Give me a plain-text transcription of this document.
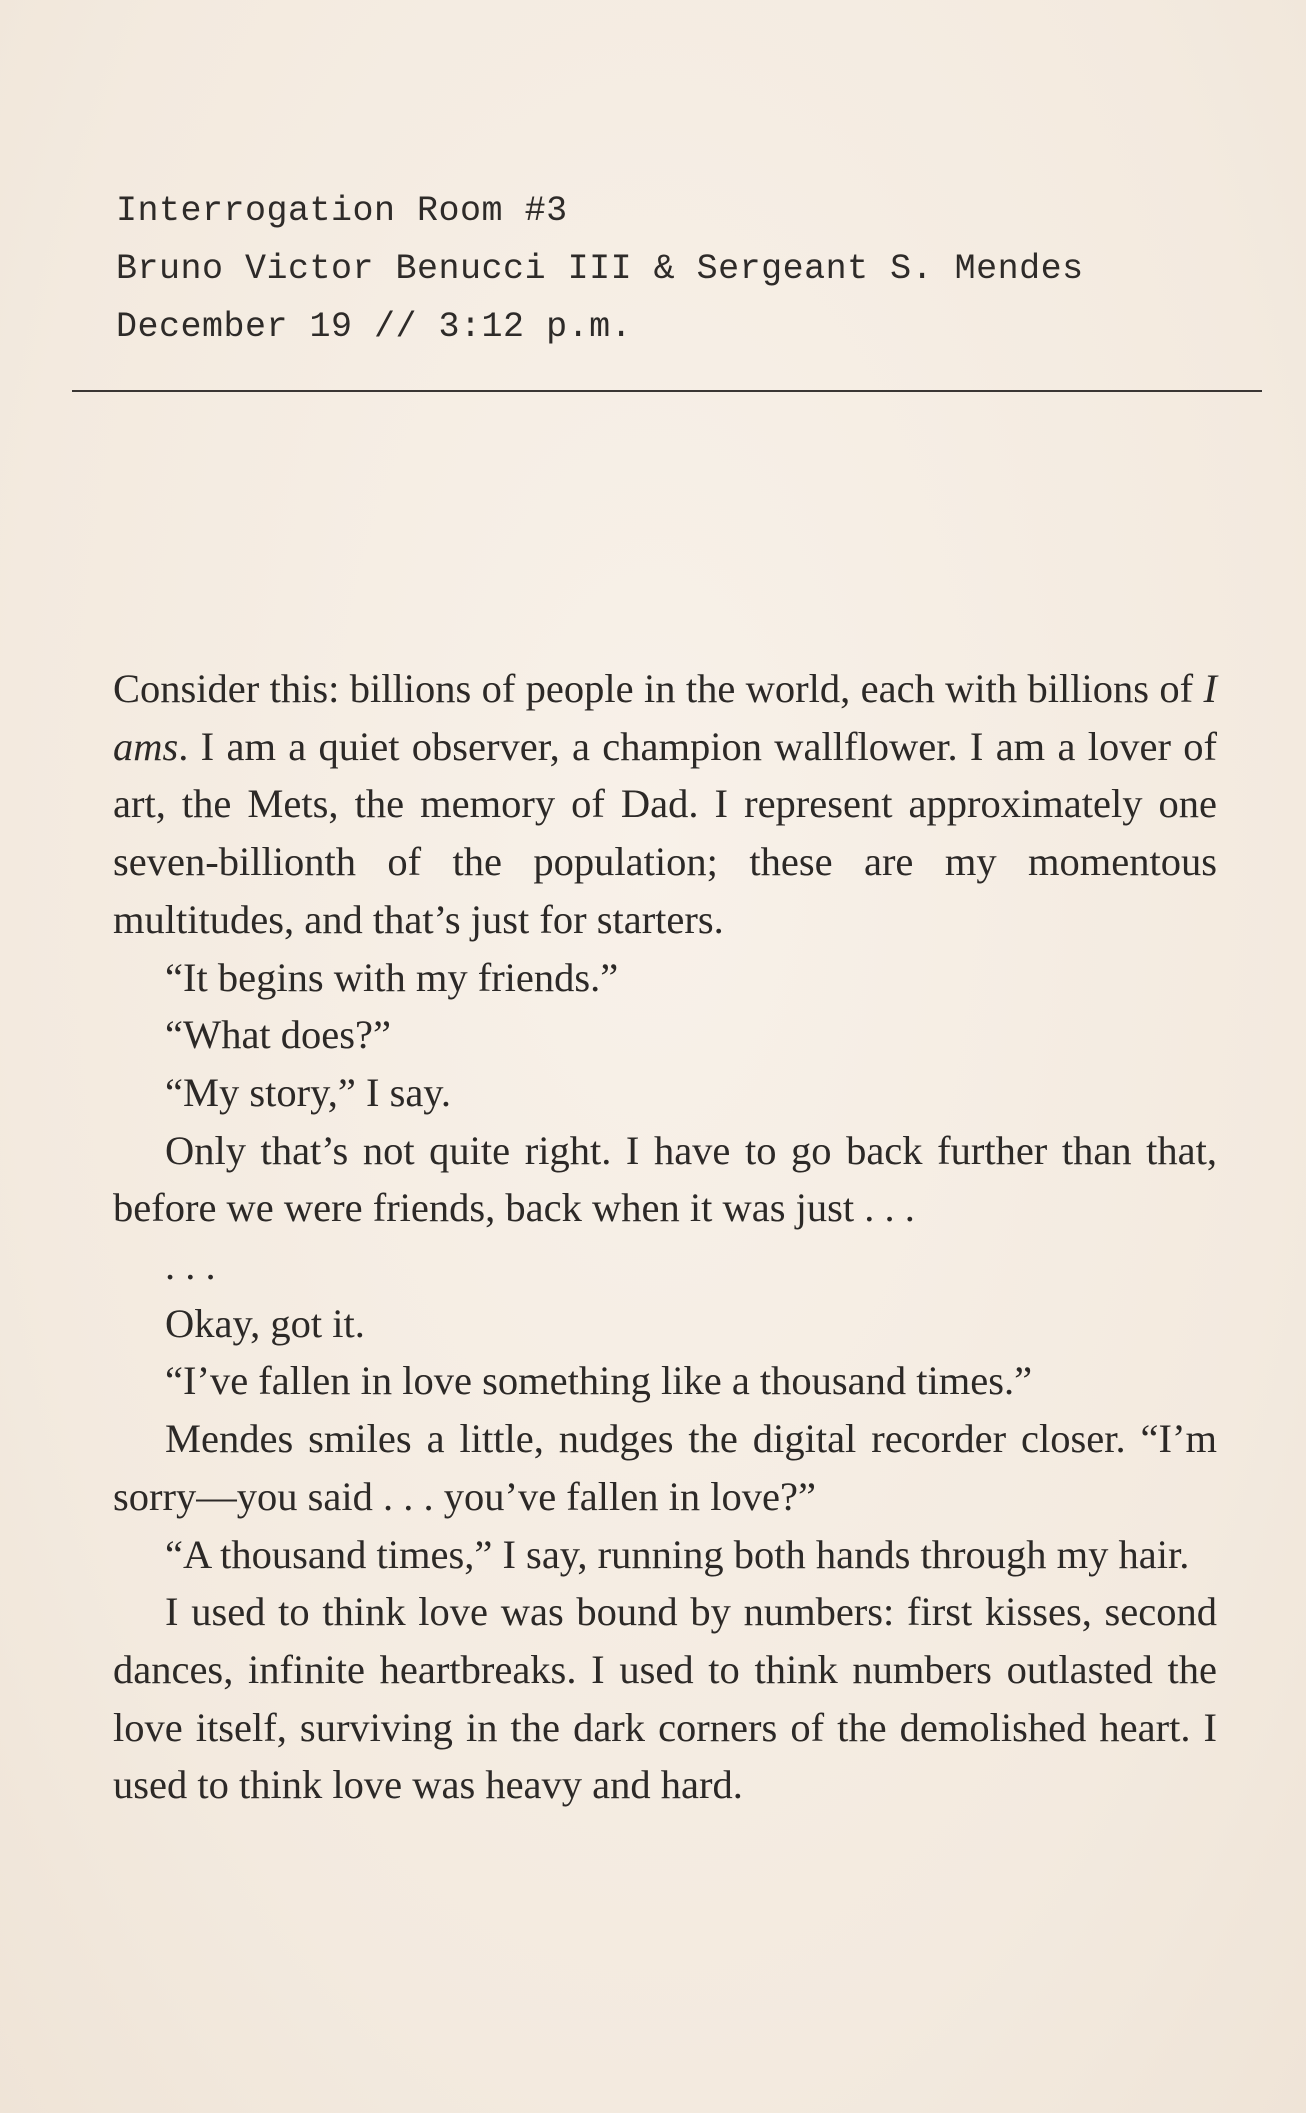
Interrogation Room #3
Bruno Victor Benucci III & Sergeant S. Mendes
December 19 // 3:12 p.m.

Consider this: billions of people in the world, each with billions of I ams. I am a quiet observer, a champion wallflower. I am a lover of art, the Mets, the memory of Dad. I represent approximately one seven-billionth of the population; these are my momentous multitudes, and that’s just for starters.

“It begins with my friends.”

“What does?”

“My story,” I say.

Only that’s not quite right. I have to go back further than that, before we were friends, back when it was just . . .

. . .

Okay, got it.

“I’ve fallen in love something like a thousand times.”

Mendes smiles a little, nudges the digital recorder closer. “I’m sorry—you said . . . you’ve fallen in love?”

“A thousand times,” I say, running both hands through my hair.

I used to think love was bound by numbers: first kisses, second dances, infinite heartbreaks. I used to think numbers outlasted the love itself, surviving in the dark corners of the demolished heart. I used to think love was heavy and hard.
